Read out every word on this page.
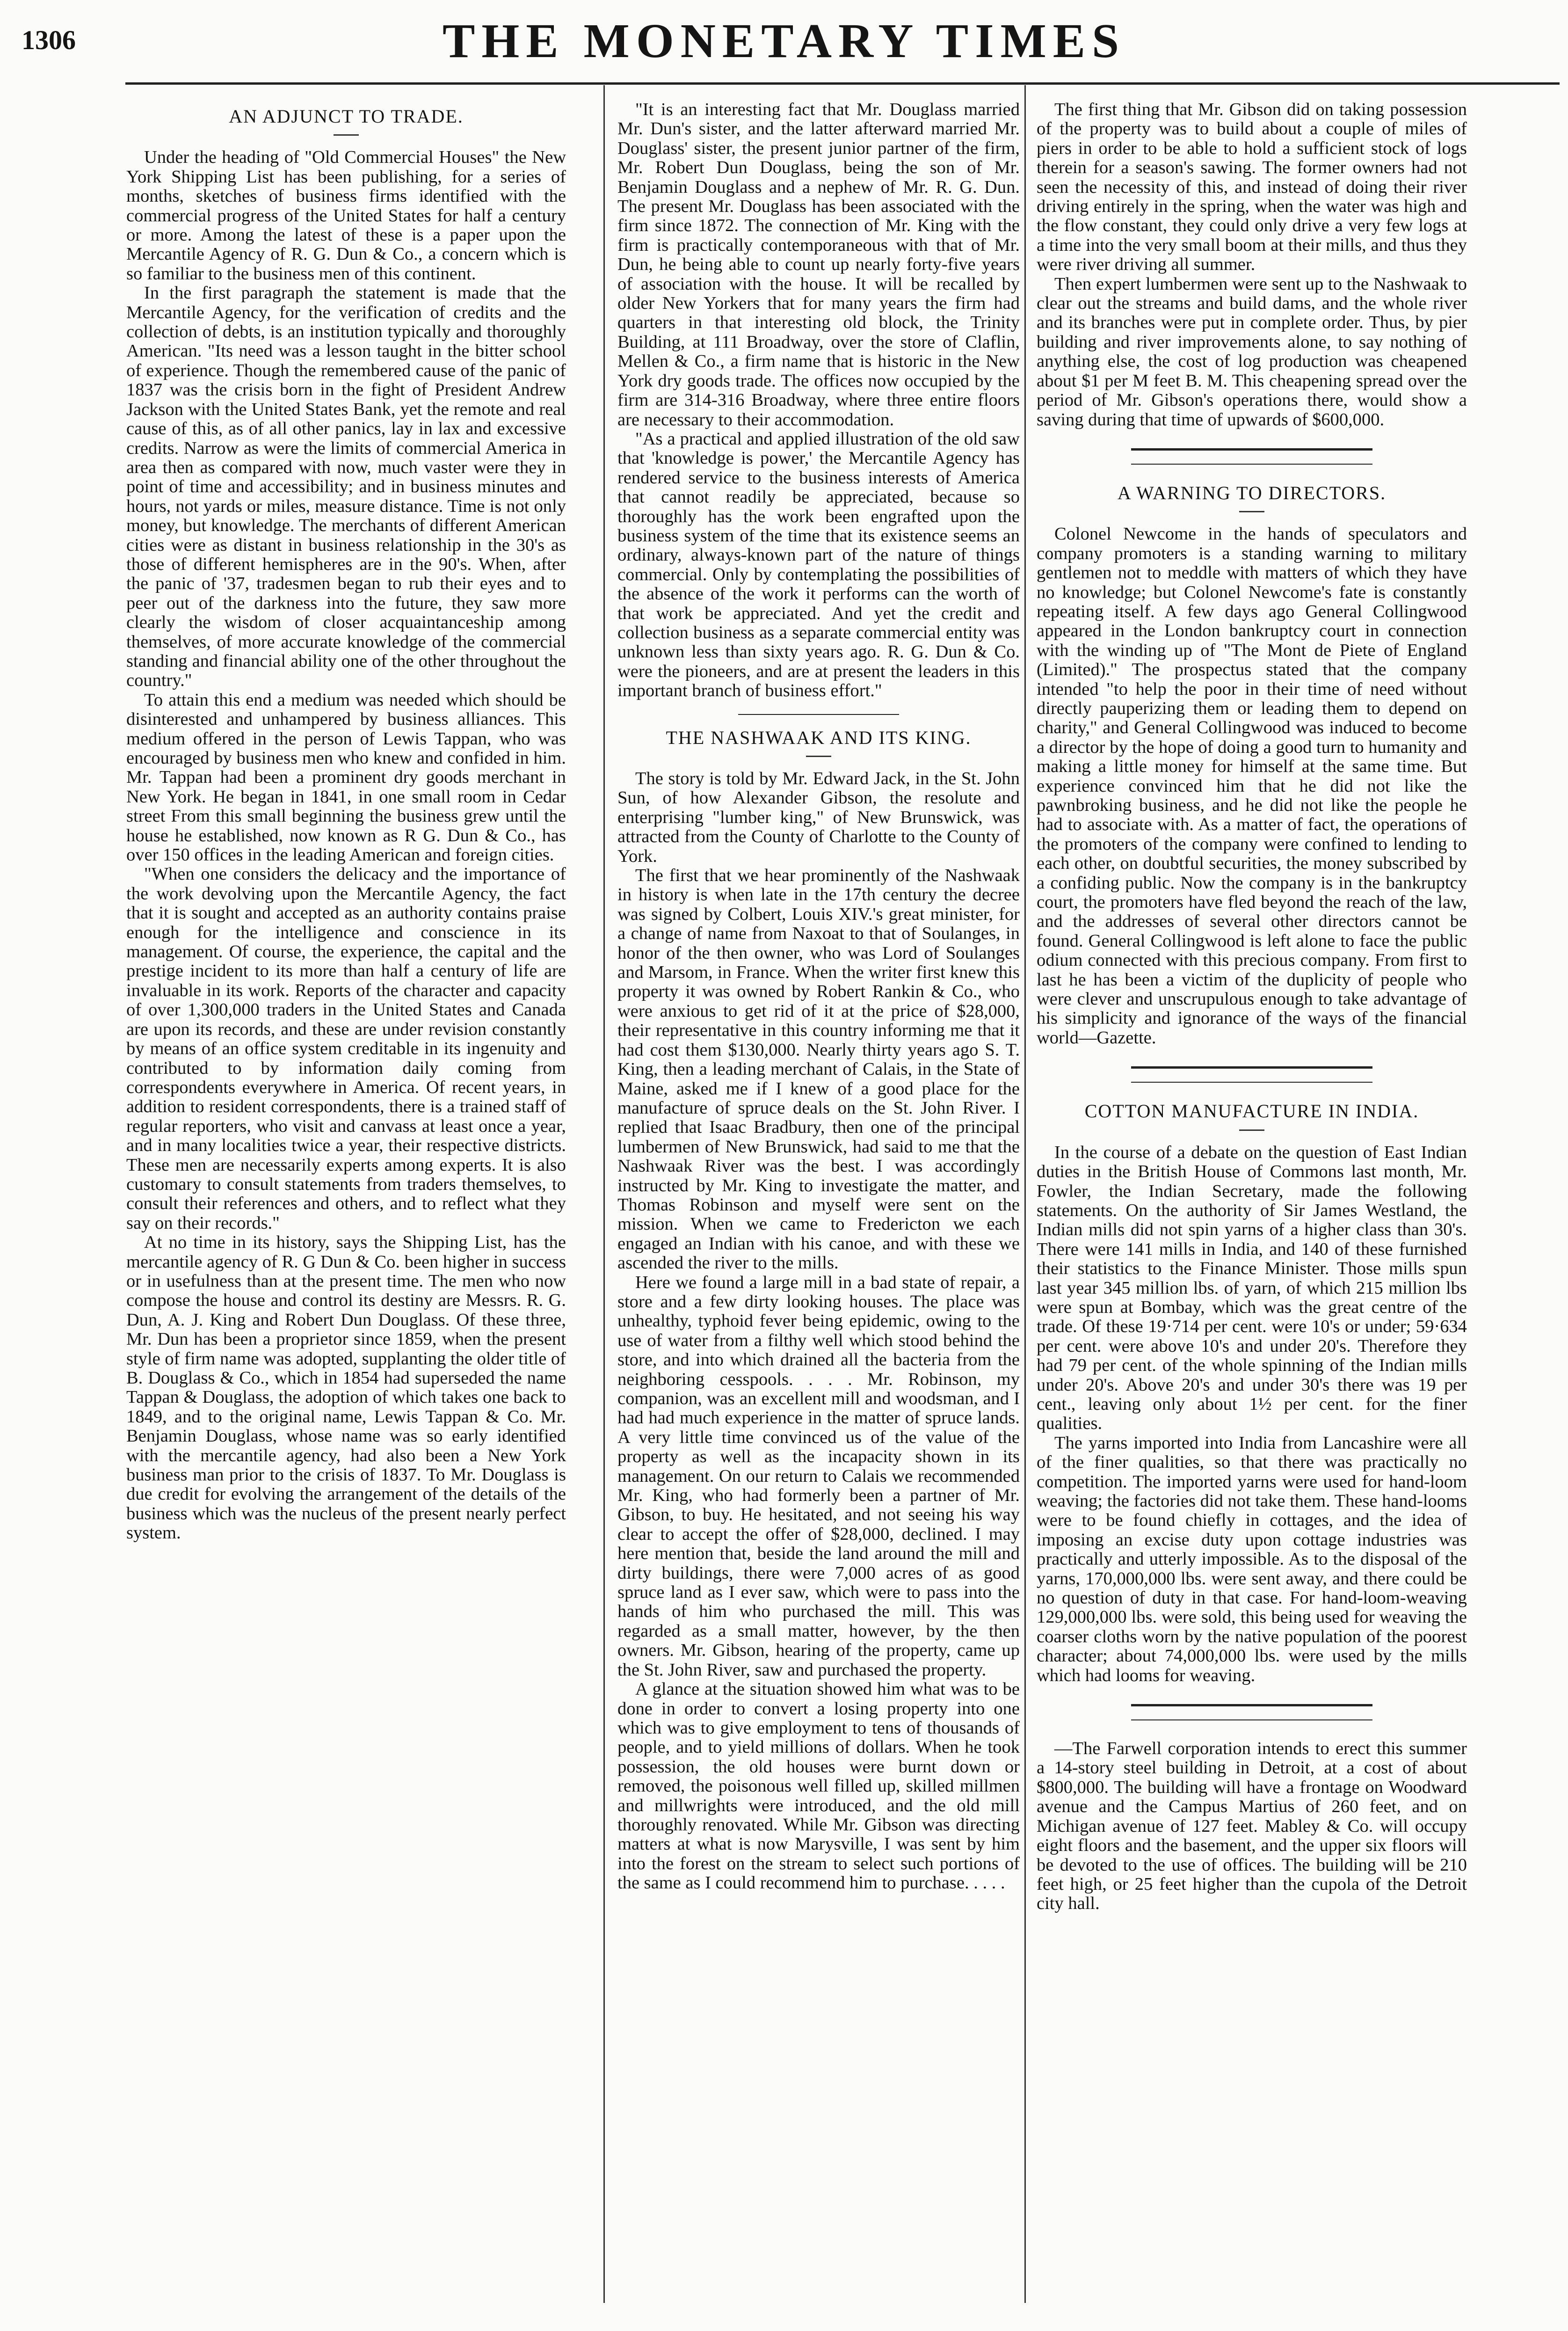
1306	THE MONETARY TIMES
AN ADJUNCT TO TRADE.

Under the heading of "Old Commercial Houses" the New York Shipping List has been publishing, for a series of months, sketches of business firms identified with the commercial progress of the United States for half a century or more. Among the latest of these is a paper upon the Mercantile Agency of R. G. Dun & Co., a concern which is so familiar to the business men of this continent.

In the first paragraph the statement is made that the Mercantile Agency, for the verification of credits and the collection of debts, is an institution typically and thoroughly American. "Its need was a lesson taught in the bitter school of experience. Though the remembered cause of the panic of 1837 was the crisis born in the fight of President Andrew Jackson with the United States Bank, yet the remote and real cause of this, as of all other panics, lay in lax and excessive credits. Narrow as were the limits of commercial America in area then as compared with now, much vaster were they in point of time and accessibility; and in business minutes and hours, not yards or miles, measure distance. Time is not only money, but knowledge. The merchants of different American cities were as distant in business relationship in the 30's as those of different hemispheres are in the 90's. When, after the panic of '37, tradesmen began to rub their eyes and to peer out of the darkness into the future, they saw more clearly the wisdom of closer acquaintanceship among themselves, of more accurate knowledge of the commercial standing and financial ability one of the other throughout the country."

To attain this end a medium was needed which should be disinterested and unhampered by business alliances. This medium offered in the person of Lewis Tappan, who was encouraged by business men who knew and confided in him. Mr. Tappan had been a prominent dry goods merchant in New York. He began in 1841, in one small room in Cedar street From this small beginning the business grew until the house he established, now known as R G. Dun & Co., has over 150 offices in the leading American and foreign cities.

"When one considers the delicacy and the importance of the work devolving upon the Mercantile Agency, the fact that it is sought and accepted as an authority contains praise enough for the intelligence and conscience in its management. Of course, the experience, the capital and the prestige incident to its more than half a century of life are invaluable in its work. Reports of the character and capacity of over 1,300,000 traders in the United States and Canada are upon its records, and these are under revision constantly by means of an office system creditable in its ingenuity and contributed to by information daily coming from correspondents everywhere in America. Of recent years, in addition to resident correspondents, there is a trained staff of regular reporters, who visit and canvass at least once a year, and in many localities twice a year, their respective districts. These men are necessarily experts among experts. It is also customary to consult statements from traders themselves, to consult their references and others, and to reflect what they say on their records."

At no time in its history, says the Shipping List, has the mercantile agency of R. G Dun & Co. been higher in success or in usefulness than at the present time. The men who now compose the house and control its destiny are Messrs. R. G. Dun, A. J. King and Robert Dun Douglass. Of these three, Mr. Dun has been a proprietor since 1859, when the present style of firm name was adopted, supplanting the older title of B. Douglass & Co., which in 1854 had superseded the name Tappan & Douglass, the adoption of which takes one back to 1849, and to the original name, Lewis Tappan & Co. Mr. Benjamin Douglass, whose name was so early identified with the mercantile agency, had also been a New York business man prior to the crisis of 1837. To Mr. Douglass is due credit for evolving the arrangement of the details of the business which was the nucleus of the present nearly perfect system.

"It is an interesting fact that Mr. Douglass married Mr. Dun's sister, and the latter afterward married Mr. Douglass' sister, the present junior partner of the firm, Mr. Robert Dun Douglass, being the son of Mr. Benjamin Douglass and a nephew of Mr. R. G. Dun. The present Mr. Douglass has been associated with the firm since 1872. The connection of Mr. King with the firm is practically contemporaneous with that of Mr. Dun, he being able to count up nearly forty-five years of association with the house. It will be recalled by older New Yorkers that for many years the firm had quarters in that interesting old block, the Trinity Building, at 111 Broadway, over the store of Claflin, Mellen & Co., a firm name that is historic in the New York dry goods trade. The offices now occupied by the firm are 314-316 Broadway, where three entire floors are necessary to their accommodation.

"As a practical and applied illustration of the old saw that 'knowledge is power,' the Mercantile Agency has rendered service to the business interests of America that cannot readily be appreciated, because so thoroughly has the work been engrafted upon the business system of the time that its existence seems an ordinary, always-known part of the nature of things commercial. Only by contemplating the possibilities of the absence of the work it performs can the worth of that work be appreciated. And yet the credit and collection business as a separate commercial entity was unknown less than sixty years ago. R. G. Dun & Co. were the pioneers, and are at present the leaders in this important branch of business effort."

THE NASHWAAK AND ITS KING.

The story is told by Mr. Edward Jack, in the St. John Sun, of how Alexander Gibson, the resolute and enterprising "lumber king," of New Brunswick, was attracted from the County of Charlotte to the County of York.

The first that we hear prominently of the Nashwaak in history is when late in the 17th century the decree was signed by Colbert, Louis XIV.'s great minister, for a change of name from Naxoat to that of Soulanges, in honor of the then owner, who was Lord of Soulanges and Marsom, in France. When the writer first knew this property it was owned by Robert Rankin & Co., who were anxious to get rid of it at the price of $28,000, their representative in this country informing me that it had cost them $130,000. Nearly thirty years ago S. T. King, then a leading merchant of Calais, in the State of Maine, asked me if I knew of a good place for the manufacture of spruce deals on the St. John River. I replied that Isaac Bradbury, then one of the principal lumbermen of New Brunswick, had said to me that the Nashwaak River was the best. I was accordingly instructed by Mr. King to investigate the matter, and Thomas Robinson and myself were sent on the mission. When we came to Fredericton we each engaged an Indian with his canoe, and with these we ascended the river to the mills.

Here we found a large mill in a bad state of repair, a store and a few dirty looking houses. The place was unhealthy, typhoid fever being epidemic, owing to the use of water from a filthy well which stood behind the store, and into which drained all the bacteria from the neighboring cesspools. . . . Mr. Robinson, my companion, was an excellent mill and woodsman, and I had had much experience in the matter of spruce lands. A very little time convinced us of the value of the property as well as the incapacity shown in its management. On our return to Calais we recommended Mr. King, who had formerly been a partner of Mr. Gibson, to buy. He hesitated, and not seeing his way clear to accept the offer of $28,000, declined. I may here mention that, beside the land around the mill and dirty buildings, there were 7,000 acres of as good spruce land as I ever saw, which were to pass into the hands of him who purchased the mill. This was regarded as a small matter, however, by the then owners. Mr. Gibson, hearing of the property, came up the St. John River, saw and purchased the property.

A glance at the situation showed him what was to be done in order to convert a losing property into one which was to give employment to tens of thousands of people, and to yield millions of dollars. When he took possession, the old houses were burnt down or removed, the poisonous well filled up, skilled millmen and millwrights were introduced, and the old mill thoroughly renovated. While Mr. Gibson was directing matters at what is now Marysville, I was sent by him into the forest on the stream to select such portions of the same as I could recommend him to purchase. . . . .

The first thing that Mr. Gibson did on taking possession of the property was to build about a couple of miles of piers in order to be able to hold a sufficient stock of logs therein for a season's sawing. The former owners had not seen the necessity of this, and instead of doing their river driving entirely in the spring, when the water was high and the flow constant, they could only drive a very few logs at a time into the very small boom at their mills, and thus they were river driving all summer.

Then expert lumbermen were sent up to the Nashwaak to clear out the streams and build dams, and the whole river and its branches were put in complete order. Thus, by pier building and river improvements alone, to say nothing of anything else, the cost of log production was cheapened about $1 per M feet B. M. This cheapening spread over the period of Mr. Gibson's operations there, would show a saving during that time of upwards of $600,000.

A WARNING TO DIRECTORS.

Colonel Newcome in the hands of speculators and company promoters is a standing warning to military gentlemen not to meddle with matters of which they have no knowledge; but Colonel Newcome's fate is constantly repeating itself. A few days ago General Collingwood appeared in the London bankruptcy court in connection with the winding up of "The Mont de Piete of England (Limited)." The prospectus stated that the company intended "to help the poor in their time of need without directly pauperizing them or leading them to depend on charity," and General Collingwood was induced to become a director by the hope of doing a good turn to humanity and making a little money for himself at the same time. But experience convinced him that he did not like the pawnbroking business, and he did not like the people he had to associate with. As a matter of fact, the operations of the promoters of the company were confined to lending to each other, on doubtful securities, the money subscribed by a confiding public. Now the company is in the bankruptcy court, the promoters have fled beyond the reach of the law, and the addresses of several other directors cannot be found. General Collingwood is left alone to face the public odium connected with this precious company. From first to last he has been a victim of the duplicity of people who were clever and unscrupulous enough to take advantage of his simplicity and ignorance of the ways of the financial world—Gazette.

COTTON MANUFACTURE IN INDIA.

In the course of a debate on the question of East Indian duties in the British House of Commons last month, Mr. Fowler, the Indian Secretary, made the following statements. On the authority of Sir James Westland, the Indian mills did not spin yarns of a higher class than 30's. There were 141 mills in India, and 140 of these furnished their statistics to the Finance Minister. Those mills spun last year 345 million lbs. of yarn, of which 215 million lbs were spun at Bombay, which was the great centre of the trade. Of these 19·714 per cent. were 10's or under; 59·634 per cent. were above 10's and under 20's. Therefore they had 79 per cent. of the whole spinning of the Indian mills under 20's. Above 20's and under 30's there was 19 per cent., leaving only about 1½ per cent. for the finer qualities.

The yarns imported into India from Lancashire were all of the finer qualities, so that there was practically no competition. The imported yarns were used for hand-loom weaving; the factories did not take them. These hand-looms were to be found chiefly in cottages, and the idea of imposing an excise duty upon cottage industries was practically and utterly impossible. As to the disposal of the yarns, 170,000,000 lbs. were sent away, and there could be no question of duty in that case. For hand-loom-weaving 129,000,000 lbs. were sold, this being used for weaving the coarser cloths worn by the native population of the poorest character; about 74,000,000 lbs. were used by the mills which had looms for weaving.

—The Farwell corporation intends to erect this summer a 14-story steel building in Detroit, at a cost of about $800,000. The building will have a frontage on Woodward avenue and the Campus Martius of 260 feet, and on Michigan avenue of 127 feet. Mabley & Co. will occupy eight floors and the basement, and the upper six floors will be devoted to the use of offices. The building will be 210 feet high, or 25 feet higher than the cupola of the Detroit city hall.
